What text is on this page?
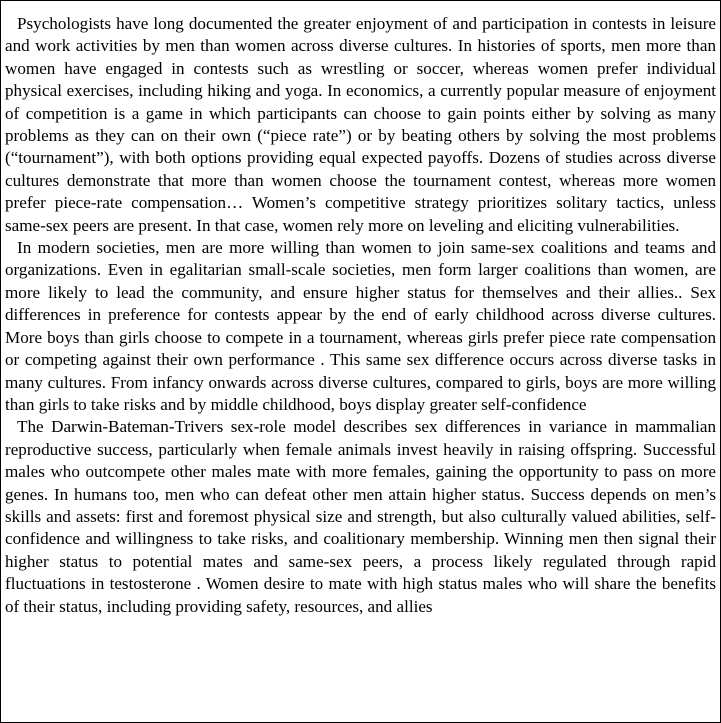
Psychologists have long documented the greater enjoyment of and participation in contests in leisure and work activities by men than women across diverse cultures. In histories of sports, men more than women have engaged in contests such as wrestling or soccer, whereas women prefer individual physical exercises, including hiking and yoga. In economics, a currently popular measure of enjoyment of competition is a game in which participants can choose to gain points either by solving as many problems as they can on their own (“piece rate”) or by beating others by solving the most problems (“tournament”), with both options providing equal expected payoffs. Dozens of studies across diverse cultures demonstrate that more than women choose the tournament contest, whereas more women prefer piece-rate compensation… Women’s competitive strategy prioritizes solitary tactics, unless same-sex peers are present. In that case, women rely more on leveling and eliciting vulnerabilities.

In modern societies, men are more willing than women to join same-sex coalitions and teams and organizations. Even in egalitarian small-scale societies, men form larger coalitions than women, are more likely to lead the community, and ensure higher status for themselves and their allies.. Sex differences in preference for contests appear by the end of early childhood across diverse cultures. More boys than girls choose to compete in a tournament, whereas girls prefer piece rate compensation or competing against their own performance . This same sex difference occurs across diverse tasks in many cultures. From infancy onwards across diverse cultures, compared to girls, boys are more willing than girls to take risks and by middle childhood, boys display greater self-confidence

The Darwin-Bateman-Trivers sex-role model describes sex differences in variance in mammalian reproductive success, particularly when female animals invest heavily in raising offspring. Successful males who outcompete other males mate with more females, gaining the opportunity to pass on more genes. In humans too, men who can defeat other men attain higher status. Success depends on men’s skills and assets: first and foremost physical size and strength, but also culturally valued abilities, self-confidence and willingness to take risks, and coalitionary membership. Winning men then signal their higher status to potential mates and same-sex peers, a process likely regulated through rapid fluctuations in testosterone . Women desire to mate with high status males who will share the benefits of their status, including providing safety, resources, and allies
